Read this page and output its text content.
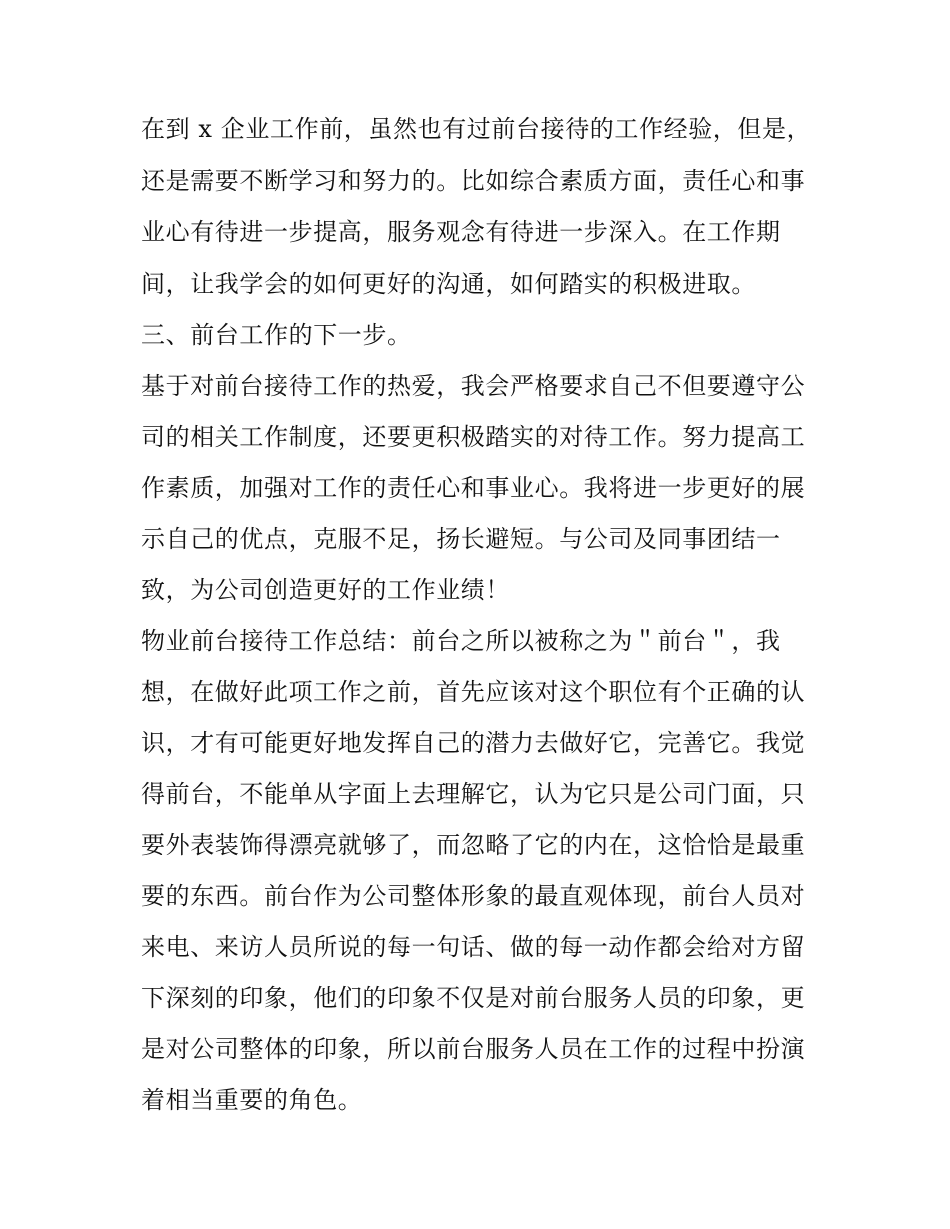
在到 x 企业工作前，虽然也有过前台接待的工作经验，但是，
还是需要不断学习和努力的。比如综合素质方面，责任心和事
业心有待进一步提高，服务观念有待进一步深入。在工作期
间，让我学会的如何更好的沟通，如何踏实的积极进取。
三、前台工作的下一步。
基于对前台接待工作的热爱，我会严格要求自己不但要遵守公
司的相关工作制度，还要更积极踏实的对待工作。努力提高工
作素质，加强对工作的责任心和事业心。我将进一步更好的展
示自己的优点，克服不足，扬长避短。与公司及同事团结一
致，为公司创造更好的工作业绩！
物业前台接待工作总结：前台之所以被称之为＂前台＂，我
想，在做好此项工作之前，首先应该对这个职位有个正确的认
识，才有可能更好地发挥自己的潜力去做好它，完善它。我觉
得前台，不能单从字面上去理解它，认为它只是公司门面，只
要外表装饰得漂亮就够了，而忽略了它的内在，这恰恰是最重
要的东西。前台作为公司整体形象的最直观体现，前台人员对
来电、来访人员所说的每一句话、做的每一动作都会给对方留
下深刻的印象，他们的印象不仅是对前台服务人员的印象，更
是对公司整体的印象，所以前台服务人员在工作的过程中扮演
着相当重要的角色。
